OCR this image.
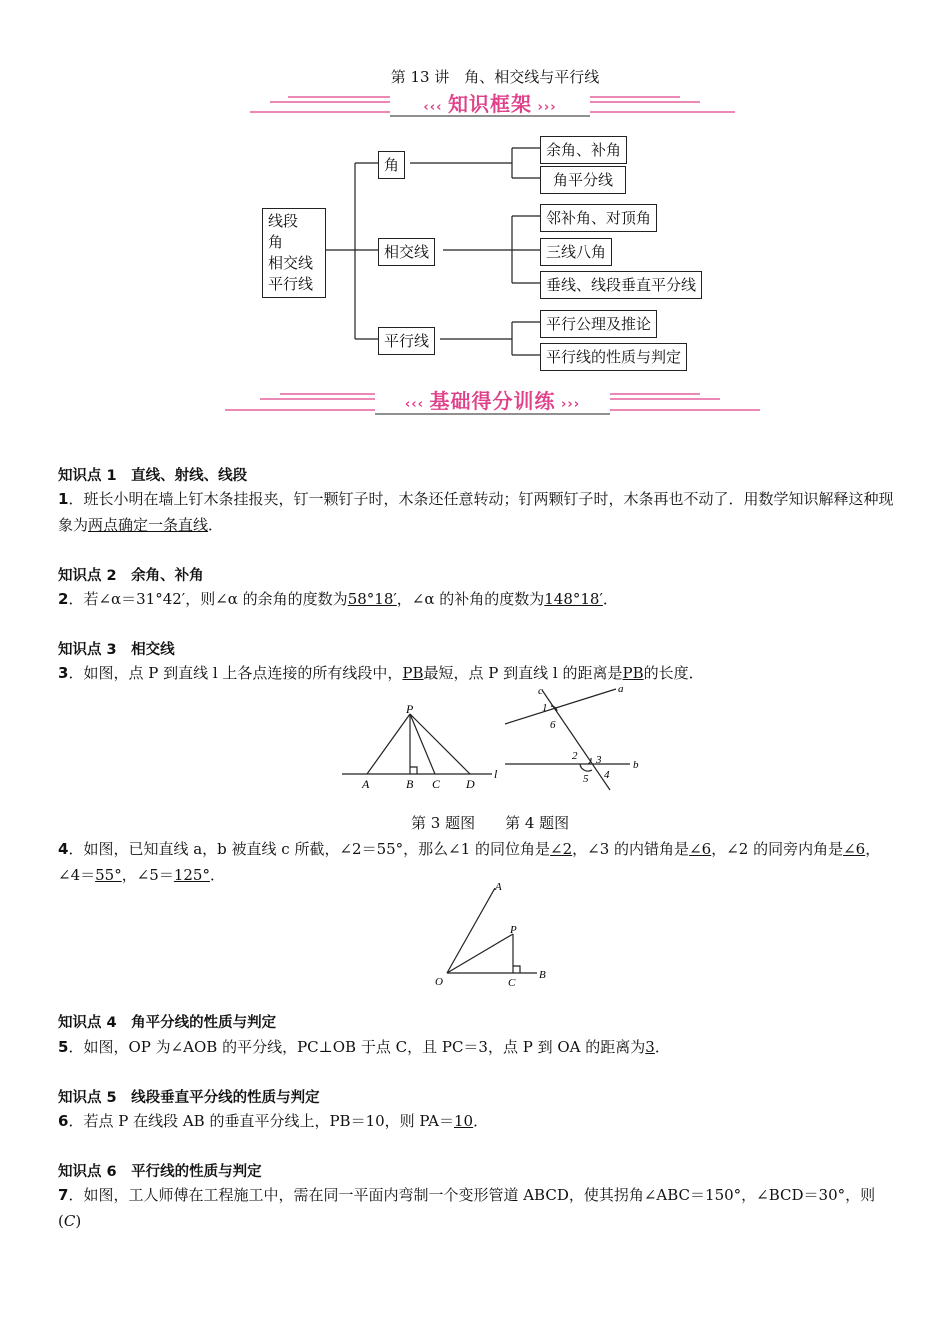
第 13 讲　角、相交线与平行线
‹‹‹ 知识框架 ›››
线段
角
相交线
平行线
角
相交线
平行线
余角、补角
角平分线
邻补角、对顶角
三线八角
垂线、线段垂直平分线
平行公理及推论
平行线的性质与判定
‹‹‹ 基础得分训练 ›››
知识点 1　直线、射线、线段
1．班长小明在墙上钉木条挂报夹，钉一颗钉子时，木条还任意转动；钉两颗钉子时，木条再也不动了．用数学知识解释这种现象为两点确定一条直线．
知识点 2　余角、补角
2．若∠α＝31°42′，则∠α 的余角的度数为58°18′，∠α 的补角的度数为148°18′．
知识点 3　相交线
3．如图，点 P 到直线 l 上各点连接的所有线段中，PB最短，点 P 到直线 l 的距离是PB的长度．
P
A	B C D
l
c	a
b
1
6
2 3
4
5
第 3 题图　　第 4 题图
4．如图，已知直线 a，b 被直线 c 所截，∠2＝55°，那么∠1 的同位角是∠2，∠3 的内错角是∠6，∠2 的同旁内角是∠6，∠4＝55°，∠5＝125°．
A
P
O	C
B
知识点 4　角平分线的性质与判定
5．如图，OP 为∠AOB 的平分线，PC⊥OB 于点 C，且 PC＝3，点 P 到 OA 的距离为3．
知识点 5　线段垂直平分线的性质与判定
6．若点 P 在线段 AB 的垂直平分线上，PB＝10，则 PA＝10．
知识点 6　平行线的性质与判定
7．如图，工人师傅在工程施工中，需在同一平面内弯制一个变形管道 ABCD，使其拐角∠ABC＝150°，∠BCD＝30°，则(C)
